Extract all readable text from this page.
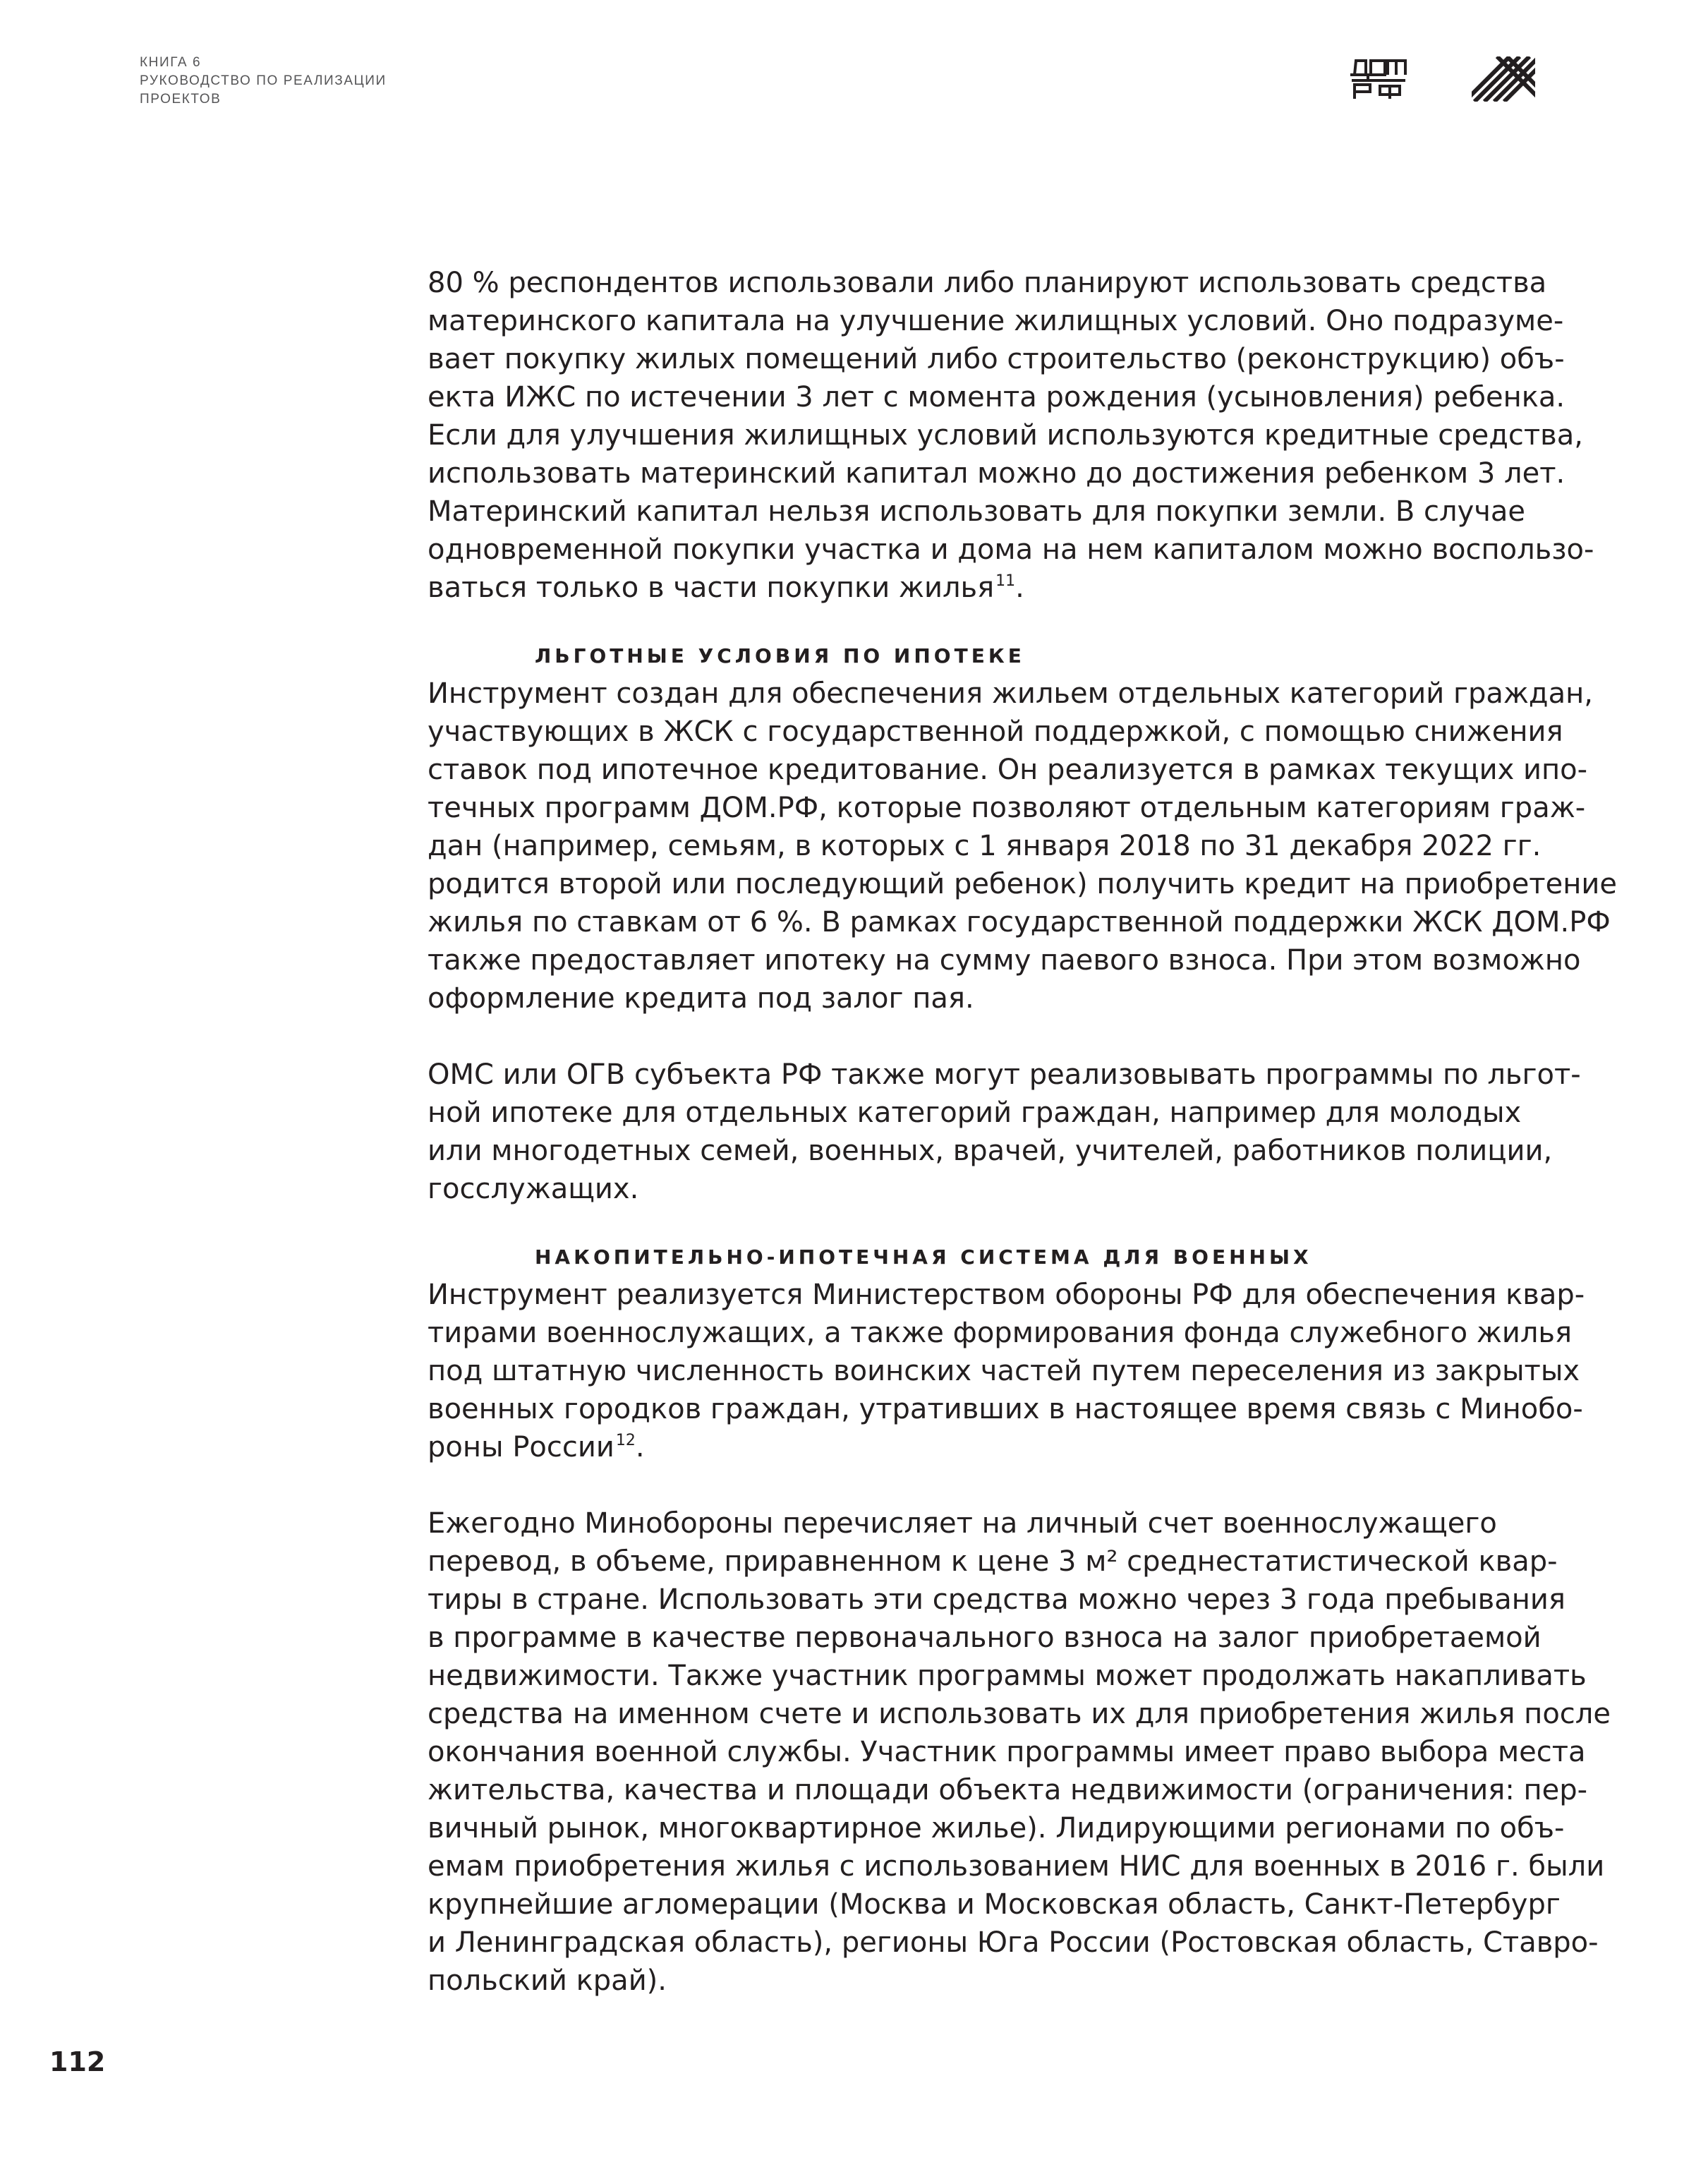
КНИГА 6
РУКОВОДСТВО ПО РЕАЛИЗАЦИИ
ПРОЕКТОВ
80 % респондентов использовали либо планируют использовать средства
материнского капитала на улучшение жилищных условий. Оно подразуме-
вает покупку жилых помещений либо строительство (реконструкцию) объ-
екта ИЖС по истечении 3 лет с момента рождения (усыновления) ребенка.
Если для улучшения жилищных условий используются кредитные средства,
использовать материнский капитал можно до достижения ребенком 3 лет.
Материнский капитал нельзя использовать для покупки земли. В случае
одновременной покупки участка и дома на нем капиталом можно воспользо-
ваться только в части покупки жилья$^{11}$.
ЛЬГОТНЫЕ УСЛОВИЯ ПО ИПОТЕКЕ
Инструмент создан для обеспечения жильем отдельных категорий граждан,
участвующих в ЖСК с государственной поддержкой, с помощью снижения
ставок под ипотечное кредитование. Он реализуется в рамках текущих ипо-
течных программ ДОМ.РФ, которые позволяют отдельным категориям граж-
дан (например, семьям, в которых с 1 января 2018 по 31 декабря 2022 гг.
родится второй или последующий ребенок) получить кредит на приобретение
жилья по ставкам от 6 %. В рамках государственной поддержки ЖСК ДОМ.РФ
также предоставляет ипотеку на сумму паевого взноса. При этом возможно
оформление кредита под залог пая.
ОМС или ОГВ субъекта РФ также могут реализовывать программы по льгот-
ной ипотеке для отдельных категорий граждан, например для молодых
или многодетных семей, военных, врачей, учителей, работников полиции,
госслужащих.
НАКОПИТЕЛЬНО-ИПОТЕЧНАЯ СИСТЕМА ДЛЯ ВОЕННЫХ
Инструмент реализуется Министерством обороны РФ для обеспечения квар-
тирами военнослужащих, а также формирования фонда служебного жилья
под штатную численность воинских частей путем переселения из закрытых
военных городков граждан, утративших в настоящее время связь с Минобо-
роны России$^{12}$.
Ежегодно Минобороны перечисляет на личный счет военнослужащего
перевод, в объеме, приравненном к цене 3 м² среднестатистической квар-
тиры в стране. Использовать эти средства можно через 3 года пребывания
в программе в качестве первоначального взноса на залог приобретаемой
недвижимости. Также участник программы может продолжать накапливать
средства на именном счете и использовать их для приобретения жилья после
окончания военной службы. Участник программы имеет право выбора места
жительства, качества и площади объекта недвижимости (ограничения: пер-
вичный рынок, многоквартирное жилье). Лидирующими регионами по объ-
емам приобретения жилья с использованием НИС для военных в 2016 г. были
крупнейшие агломерации (Москва и Московская область, Санкт-Петербург
и Ленинградская область), регионы Юга России (Ростовская область, Ставро-
польский край).
112
